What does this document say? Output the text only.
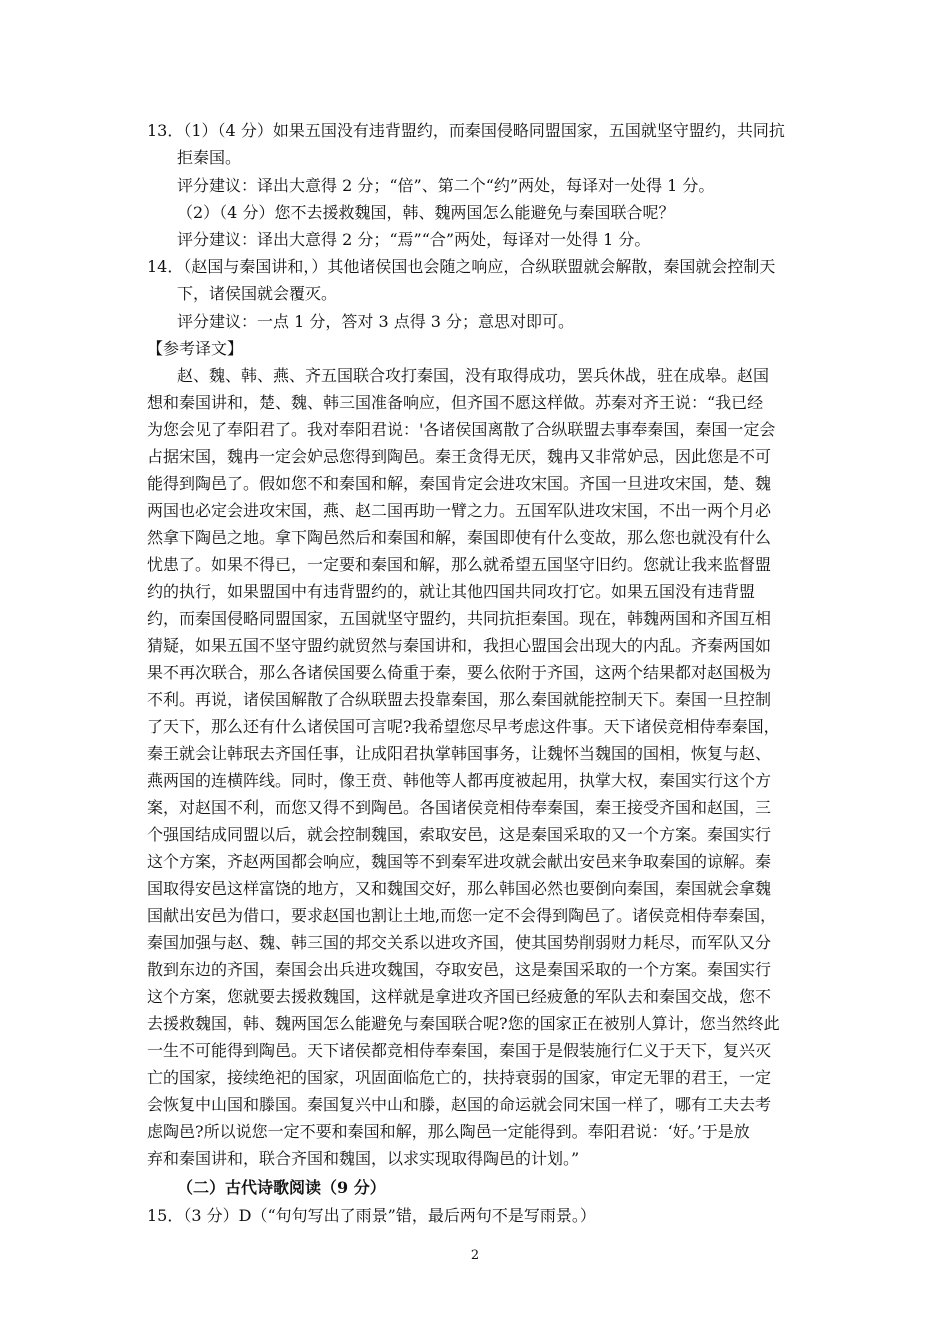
13．（1）（4 分）如果五国没有违背盟约，而秦国侵略同盟国家，五国就坚守盟约，共同抗
拒秦国。
评分建议：译出大意得 2 分；“倍”、第二个“约”两处，每译对一处得 1 分。
（2）（4 分）您不去援救魏国，韩、魏两国怎么能避免与秦国联合呢？
评分建议：译出大意得 2 分；“焉”“合”两处，每译对一处得 1 分。
14．（赵国与秦国讲和，）其他诸侯国也会随之响应，合纵联盟就会解散，秦国就会控制天
下，诸侯国就会覆灭。
评分建议：一点 1 分，答对 3 点得 3 分；意思对即可。
【参考译文】
赵、魏、韩、燕、齐五国联合攻打秦国，没有取得成功，罢兵休战，驻在成皋。赵国
想和秦国讲和，楚、魏、韩三国准备响应，但齐国不愿这样做。苏秦对齐王说：“我已经
为您会见了奉阳君了。我对奉阳君说：'各诸侯国离散了合纵联盟去事奉秦国，秦国一定会
占据宋国，魏冉一定会妒忌您得到陶邑。秦王贪得无厌，魏冉又非常妒忌，因此您是不可
能得到陶邑了。假如您不和秦国和解，秦国肯定会进攻宋国。齐国一旦进攻宋国，楚、魏
两国也必定会进攻宋国，燕、赵二国再助一臂之力。五国军队进攻宋国，不出一两个月必
然拿下陶邑之地。拿下陶邑然后和秦国和解，秦国即使有什么变故，那么您也就没有什么
忧患了。如果不得已，一定要和秦国和解，那么就希望五国坚守旧约。您就让我来监督盟
约的执行，如果盟国中有违背盟约的，就让其他四国共同攻打它。如果五国没有违背盟
约，而秦国侵略同盟国家，五国就坚守盟约，共同抗拒秦国。现在，韩魏两国和齐国互相
猜疑，如果五国不坚守盟约就贸然与秦国讲和，我担心盟国会出现大的内乱。齐秦两国如
果不再次联合，那么各诸侯国要么倚重于秦，要么依附于齐国，这两个结果都对赵国极为
不利。再说，诸侯国解散了合纵联盟去投靠秦国，那么秦国就能控制天下。秦国一旦控制
了天下，那么还有什么诸侯国可言呢?我希望您尽早考虑这件事。天下诸侯竞相侍奉秦国，
秦王就会让韩珉去齐国任事，让成阳君执掌韩国事务，让魏怀当魏国的国相，恢复与赵、
燕两国的连横阵线。同时，像王贲、韩他等人都再度被起用，执掌大权，秦国实行这个方
案，对赵国不利，而您又得不到陶邑。各国诸侯竞相侍奉秦国，秦王接受齐国和赵国，三
个强国结成同盟以后，就会控制魏国，索取安邑，这是秦国采取的又一个方案。秦国实行
这个方案，齐赵两国都会响应，魏国等不到秦军进攻就会献出安邑来争取秦国的谅解。秦
国取得安邑这样富饶的地方，又和魏国交好，那么韩国必然也要倒向秦国，秦国就会拿魏
国献出安邑为借口，要求赵国也割让土地,而您一定不会得到陶邑了。诸侯竞相侍奉秦国，
秦国加强与赵、魏、韩三国的邦交关系以进攻齐国，使其国势削弱财力耗尽，而军队又分
散到东边的齐国，秦国会出兵进攻魏国，夺取安邑，这是秦国采取的一个方案。秦国实行
这个方案，您就要去援救魏国，这样就是拿进攻齐国已经疲惫的军队去和秦国交战，您不
去援救魏国，韩、魏两国怎么能避免与秦国联合呢?您的国家正在被别人算计，您当然终此
一生不可能得到陶邑。天下诸侯都竞相侍奉秦国，秦国于是假装施行仁义于天下，复兴灭
亡的国家，接续绝祀的国家，巩固面临危亡的，扶持衰弱的国家，审定无罪的君王，一定
会恢复中山国和滕国。秦国复兴中山和滕，赵国的命运就会同宋国一样了，哪有工夫去考
虑陶邑?所以说您一定不要和秦国和解，那么陶邑一定能得到。奉阳君说：‘好。’于是放
弃和秦国讲和，联合齐国和魏国，以求实现取得陶邑的计划。”
（二）古代诗歌阅读（9 分）
15．（3 分）D（“句句写出了雨景”错，最后两句不是写雨景。）
2
